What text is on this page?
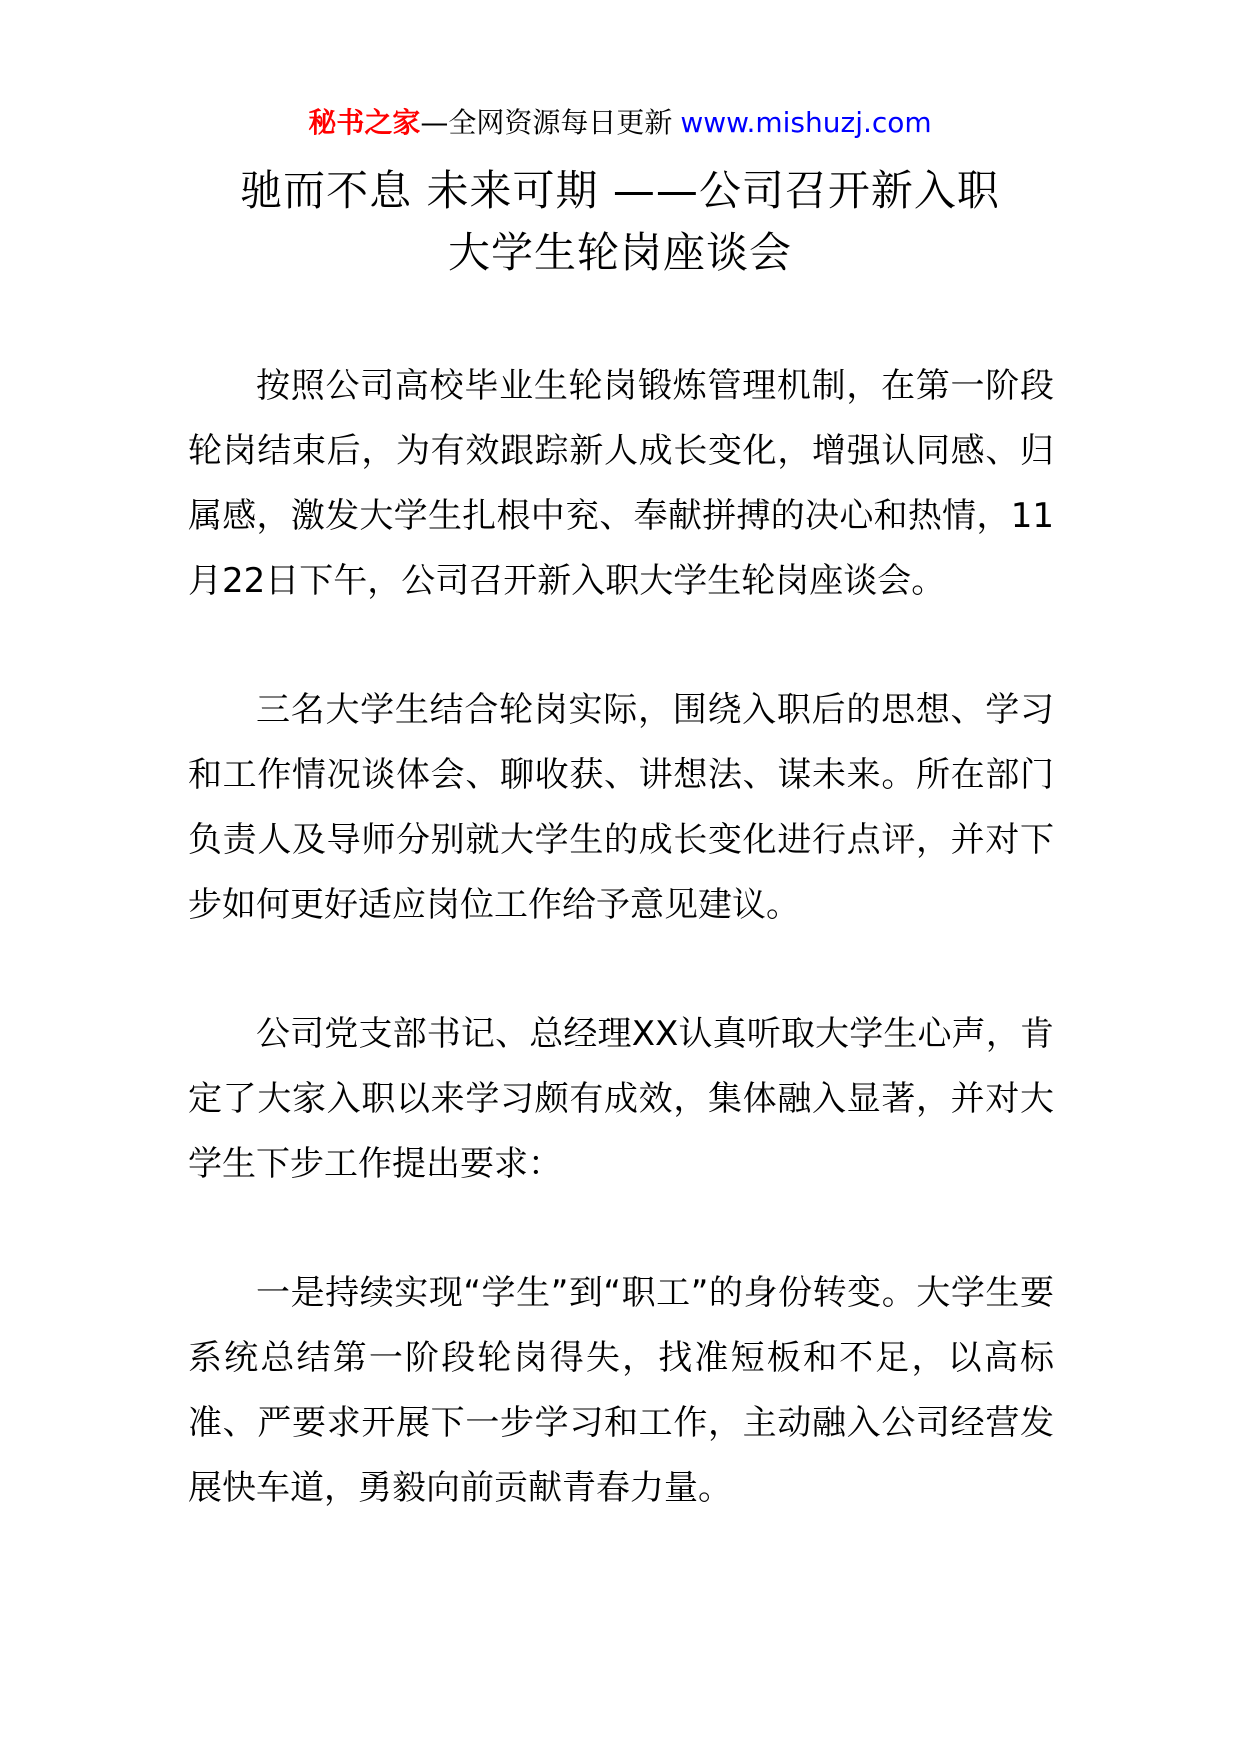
秘书之家—全网资源每日更新 www.mishuzj.com
驰而不息 未来可期 ——公司召开新入职
大学生轮岗座谈会

按照公司高校毕业生轮岗锻炼管理机制，在第一阶段轮岗结束后，为有效跟踪新人成长变化，增强认同感、归属感，激发大学生扎根中兖、奉献拼搏的决心和热情，11月22日下午，公司召开新入职大学生轮岗座谈会。

三名大学生结合轮岗实际，围绕入职后的思想、学习和工作情况谈体会、聊收获、讲想法、谋未来。所在部门负责人及导师分别就大学生的成长变化进行点评，并对下步如何更好适应岗位工作给予意见建议。

公司党支部书记、总经理XX认真听取大学生心声，肯定了大家入职以来学习颇有成效，集体融入显著，并对大学生下步工作提出要求：

一是持续实现“学生”到“职工”的身份转变。大学生要系统总结第一阶段轮岗得失，找准短板和不足，以高标准、严要求开展下一步学习和工作，主动融入公司经营发展快车道，勇毅向前贡献青春力量。
